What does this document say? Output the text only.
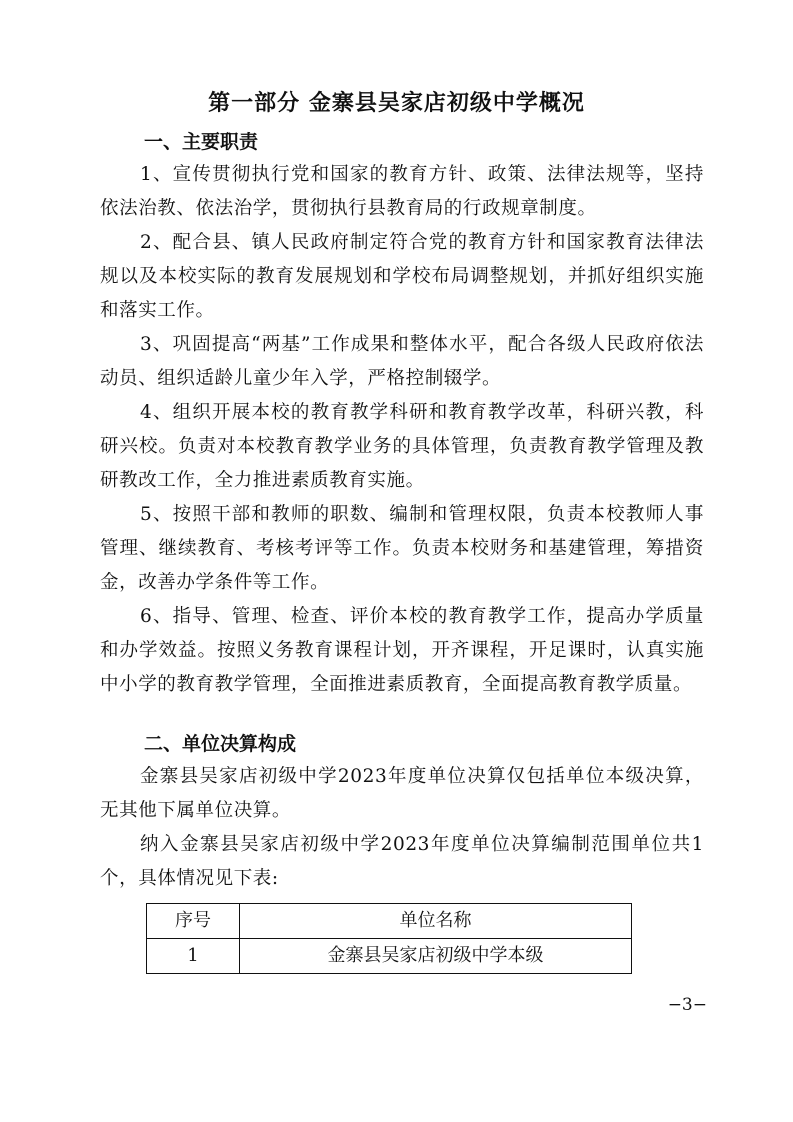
第一部分 金寨县吴家店初级中学概况
一、主要职责

1、宣传贯彻执行党和国家的教育方针、政策、法律法规等，坚持依法治教、依法治学，贯彻执行县教育局的行政规章制度。

2、配合县、镇人民政府制定符合党的教育方针和国家教育法律法规以及本校实际的教育发展规划和学校布局调整规划，并抓好组织实施和落实工作。

3、巩固提高“两基”工作成果和整体水平，配合各级人民政府依法动员、组织适龄儿童少年入学，严格控制辍学。

4、组织开展本校的教育教学科研和教育教学改革，科研兴教，科研兴校。负责对本校教育教学业务的具体管理，负责教育教学管理及教研教改工作，全力推进素质教育实施。

5、按照干部和教师的职数、编制和管理权限，负责本校教师人事管理、继续教育、考核考评等工作。负责本校财务和基建管理，筹措资金，改善办学条件等工作。

6、指导、管理、检查、评价本校的教育教学工作，提高办学质量和办学效益。按照义务教育课程计划，开齐课程，开足课时，认真实施中小学的教育教学管理，全面推进素质教育，全面提高教育教学质量。

二、单位决算构成

金寨县吴家店初级中学2023年度单位决算仅包括单位本级决算，无其他下属单位决算。

纳入金寨县吴家店初级中学2023年度单位决算编制范围单位共1个，具体情况见下表:

序号	单位名称
1	金寨县吴家店初级中学本级
−3−
